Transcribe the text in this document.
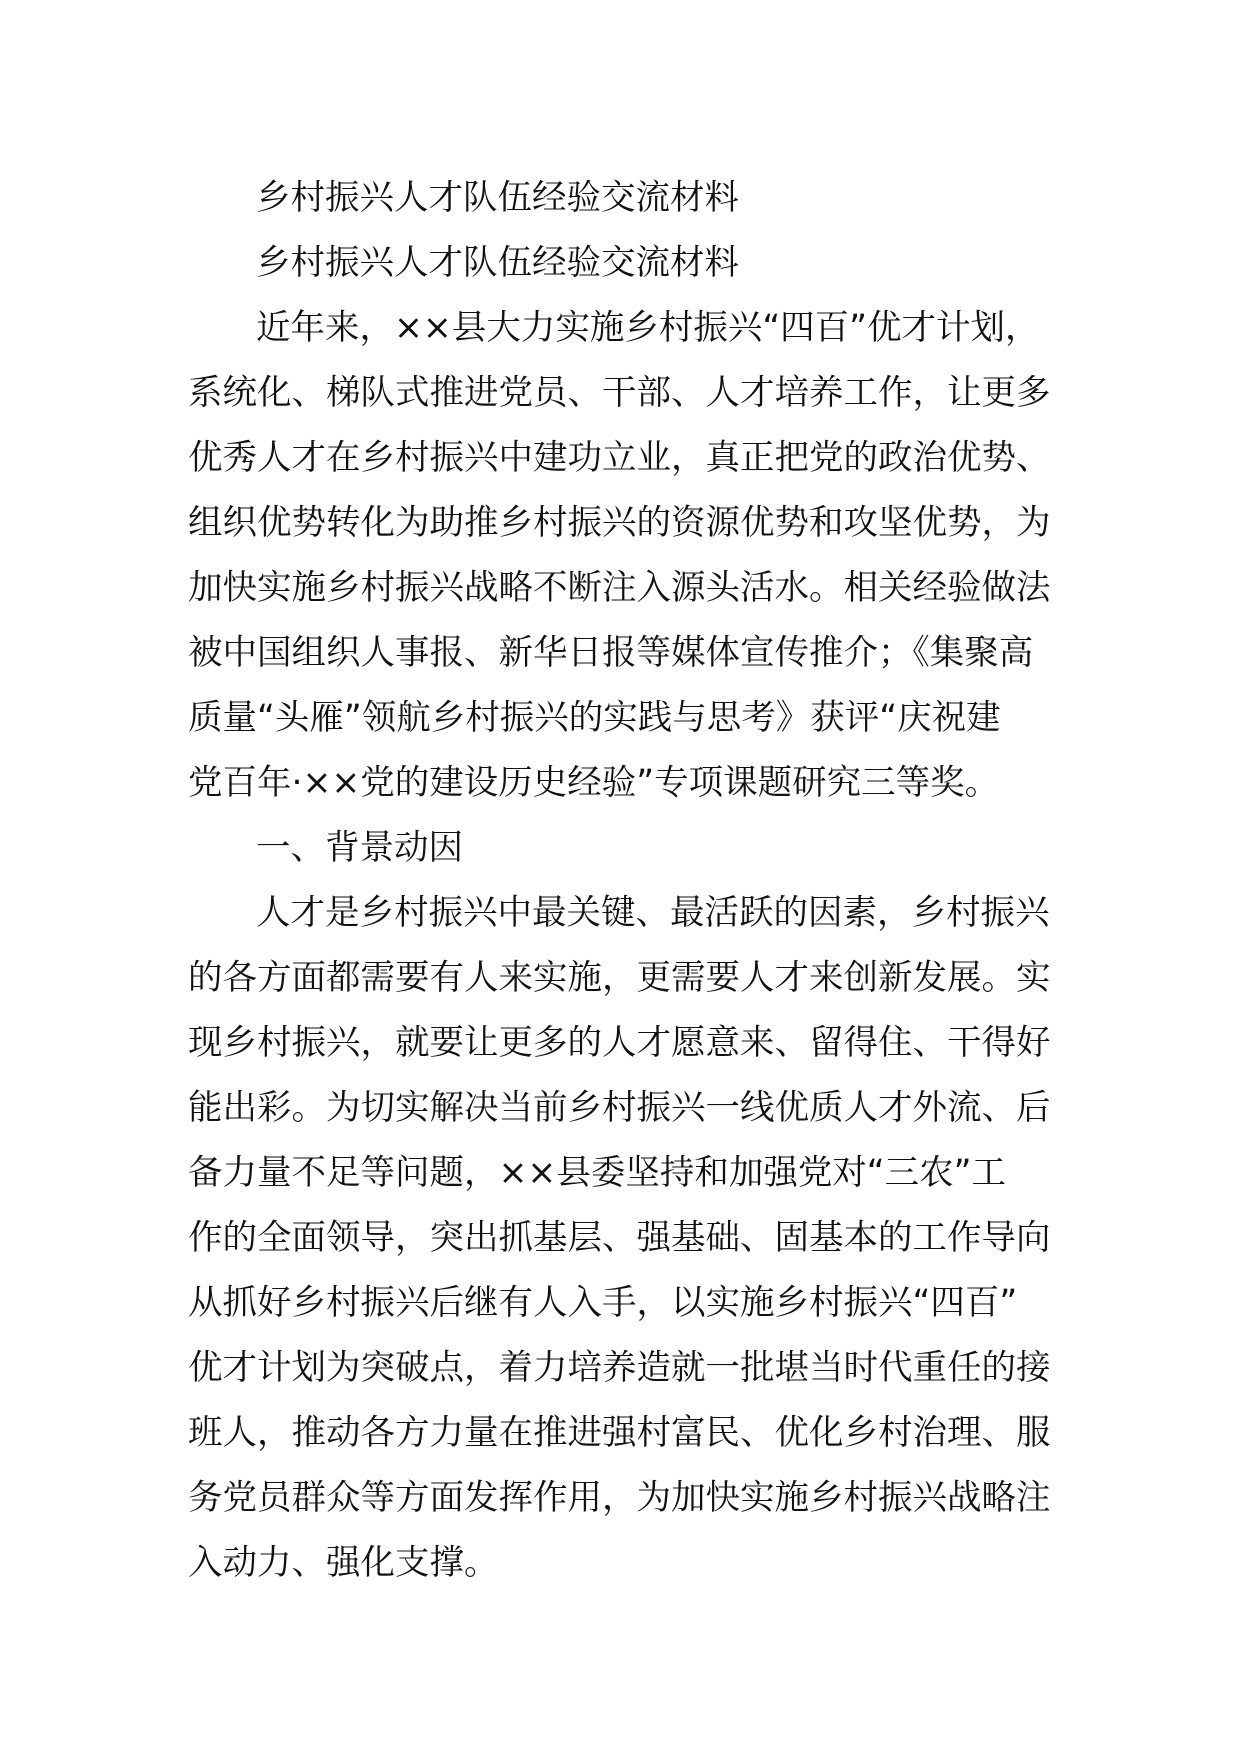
乡村振兴人才队伍经验交流材料
乡村振兴人才队伍经验交流材料
近年来，××县大力实施乡村振兴“四百”优才计划，
系统化、梯队式推进党员、干部、人才培养工作，让更多
优秀人才在乡村振兴中建功立业，真正把党的政治优势、
组织优势转化为助推乡村振兴的资源优势和攻坚优势，为
加快实施乡村振兴战略不断注入源头活水。相关经验做法
被中国组织人事报、新华日报等媒体宣传推介；《集聚高
质量“头雁”领航乡村振兴的实践与思考》获评“庆祝建
党百年·××党的建设历史经验”专项课题研究三等奖。
一、背景动因
人才是乡村振兴中最关键、最活跃的因素，乡村振兴
的各方面都需要有人来实施，更需要人才来创新发展。实
现乡村振兴，就要让更多的人才愿意来、留得住、干得好
能出彩。为切实解决当前乡村振兴一线优质人才外流、后
备力量不足等问题，××县委坚持和加强党对“三农”工
作的全面领导，突出抓基层、强基础、固基本的工作导向
从抓好乡村振兴后继有人入手，以实施乡村振兴“四百”
优才计划为突破点，着力培养造就一批堪当时代重任的接
班人，推动各方力量在推进强村富民、优化乡村治理、服
务党员群众等方面发挥作用，为加快实施乡村振兴战略注
入动力、强化支撑。
